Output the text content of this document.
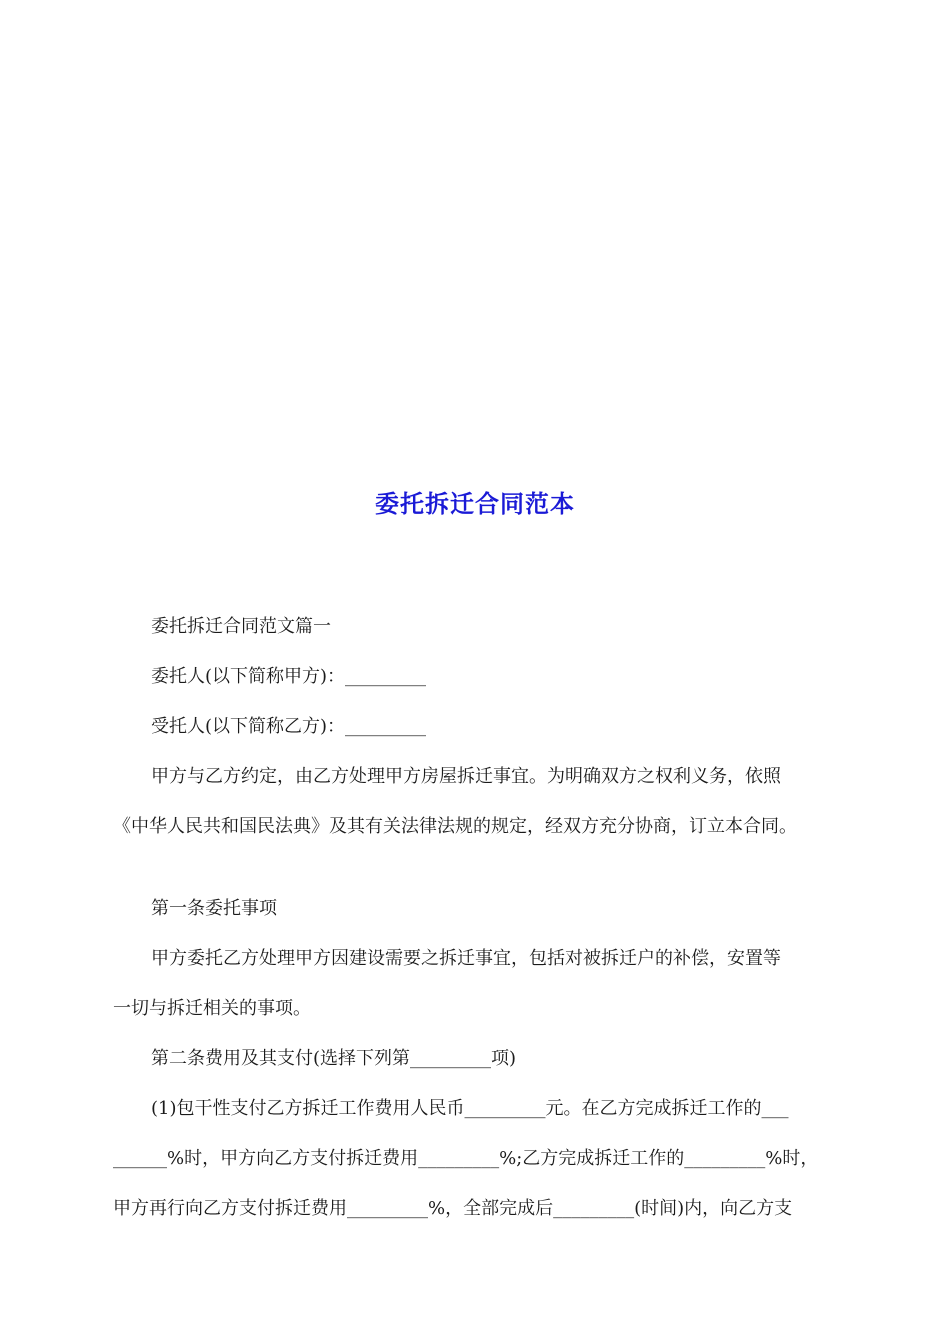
委托拆迁合同范本

委托拆迁合同范文篇一

委托人(以下简称甲方)：_________

受托人(以下简称乙方)：_________

甲方与乙方约定，由乙方处理甲方房屋拆迁事宜。为明确双方之权利义务，依照

《中华人民共和国民法典》及其有关法律法规的规定，经双方充分协商，订立本合同。

第一条委托事项

甲方委托乙方处理甲方因建设需要之拆迁事宜，包括对被拆迁户的补偿，安置等

一切与拆迁相关的事项。

第二条费用及其支付(选择下列第_________项)

(1)包干性支付乙方拆迁工作费用人民币_________元。在乙方完成拆迁工作的___

______%时，甲方向乙方支付拆迁费用_________%;乙方完成拆迁工作的_________%时，

甲方再行向乙方支付拆迁费用_________%，全部完成后_________(时间)内，向乙方支
